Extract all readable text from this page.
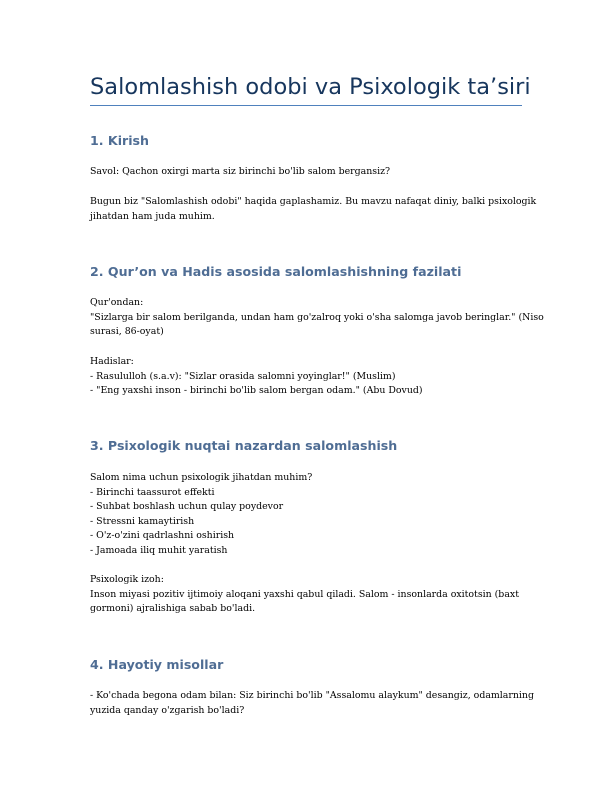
Salomlashish odobi va Psixologik ta’siri
1. Kirish
Savol: Qachon oxirgi marta siz birinchi bo'lib salom bergansiz?
Bugun biz "Salomlashish odobi" haqida gaplashamiz. Bu mavzu nafaqat diniy, balki psixologik
jihatdan ham juda muhim.
2. Qur’on va Hadis asosida salomlashishning fazilati
Qur'ondan:
"Sizlarga bir salom berilganda, undan ham go'zalroq yoki o'sha salomga javob beringlar." (Niso
surasi, 86-oyat)
Hadislar:
- Rasululloh (s.a.v): "Sizlar orasida salomni yoyinglar!" (Muslim)
- "Eng yaxshi inson - birinchi bo'lib salom bergan odam." (Abu Dovud)
3. Psixologik nuqtai nazardan salomlashish
Salom nima uchun psixologik jihatdan muhim?
- Birinchi taassurot effekti
- Suhbat boshlash uchun qulay poydevor
- Stressni kamaytirish
- O'z-o'zini qadrlashni oshirish
- Jamoada iliq muhit yaratish
Psixologik izoh:
Inson miyasi pozitiv ijtimoiy aloqani yaxshi qabul qiladi. Salom - insonlarda oxitotsin (baxt
gormoni) ajralishiga sabab bo'ladi.
4. Hayotiy misollar
- Ko'chada begona odam bilan: Siz birinchi bo'lib "Assalomu alaykum" desangiz, odamlarning
yuzida qanday o'zgarish bo'ladi?
